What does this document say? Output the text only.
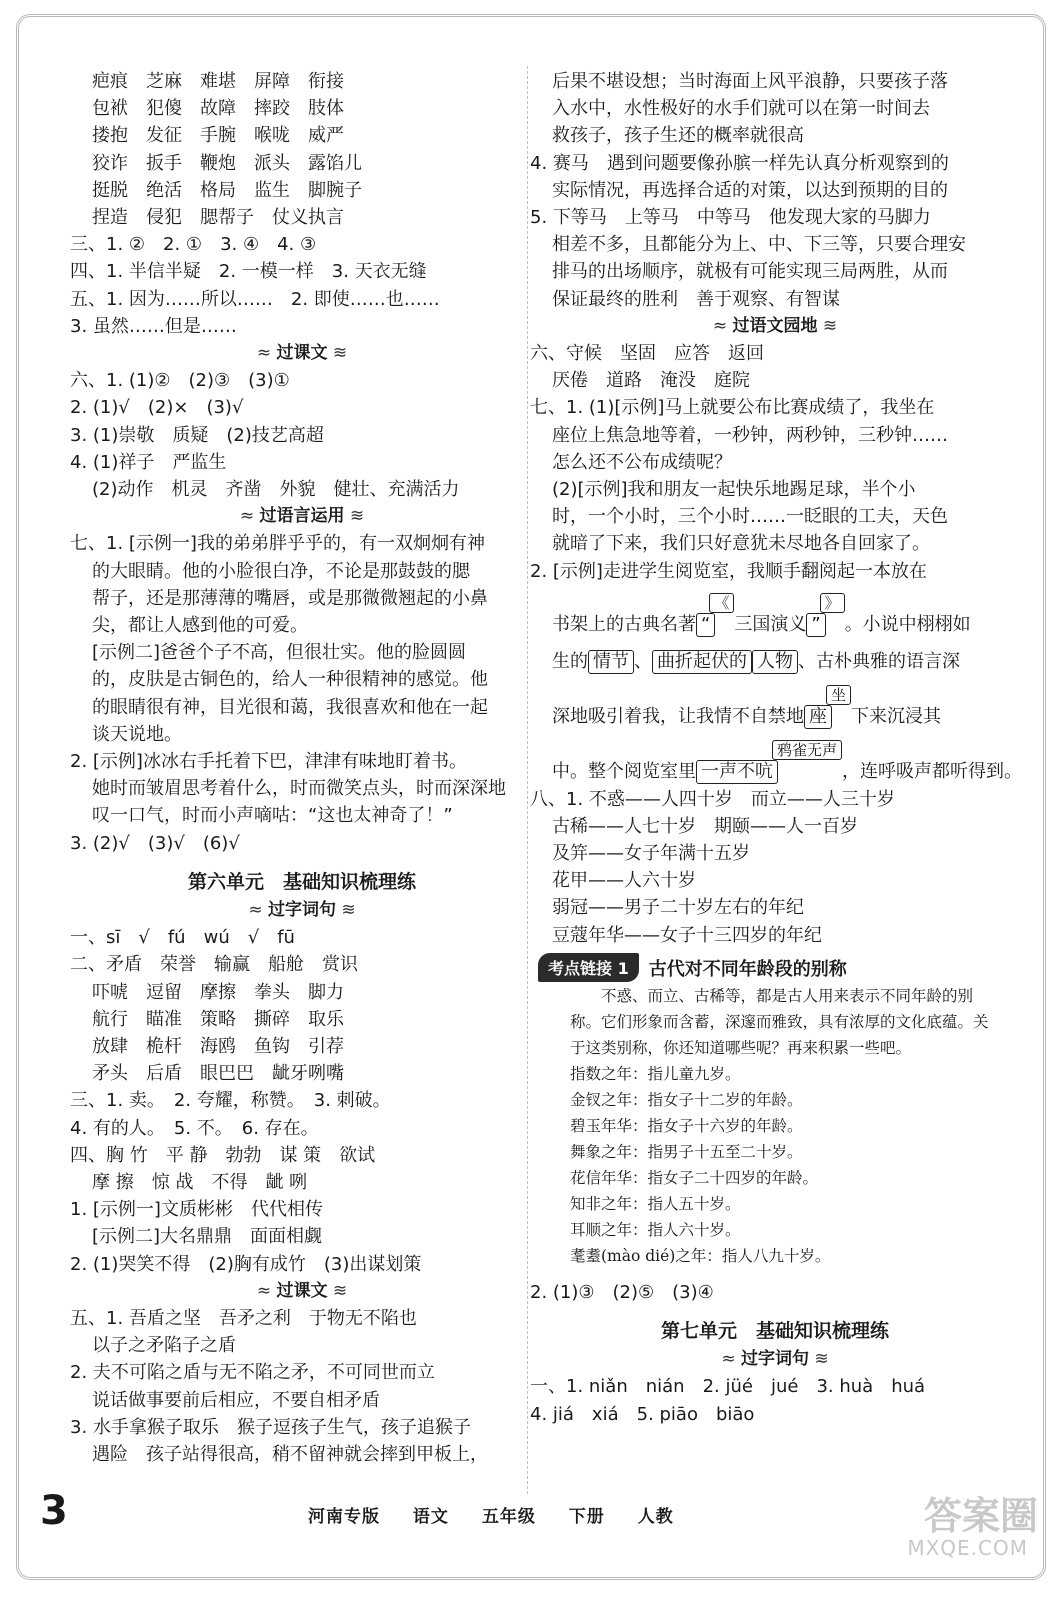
疤痕　芝麻　难堪　屏障　衔接
包袱　犯傻　故障　摔跤　肢体
搂抱　发征　手腕　喉咙　威严
狡诈　扳手　鞭炮　派头　露馅儿
挺脱　绝活　格局　监生　脚腕子
捏造　侵犯　腮帮子　仗义执言
三、1. ②　2. ①　3. ④　4. ③
四、1. 半信半疑　2. 一模一样　3. 天衣无缝
五、1. 因为……所以……　2. 即使……也……
3. 虽然……但是……
≈ 过课文 ≋
六、1. (1)②　(2)③　(3)①
2. (1)√　(2)×　(3)√
3. (1)崇敬　质疑　(2)技艺高超
4. (1)祥子　严监生
(2)动作　机灵　齐凿　外貌　健壮、充满活力
≈ 过语言运用 ≋
七、1. [示例一]我的弟弟胖乎乎的，有一双炯炯有神
的大眼睛。他的小脸很白净，不论是那鼓鼓的腮
帮子，还是那薄薄的嘴唇，或是那微微翘起的小鼻
尖，都让人感到他的可爱。
[示例二]爸爸个子不高，但很壮实。他的脸圆圆
的，皮肤是古铜色的，给人一种很精神的感觉。他
的眼睛很有神，目光很和蔼，我很喜欢和他在一起
谈天说地。
2. [示例]冰冰右手托着下巴，津津有味地盯着书。
她时而皱眉思考着什么，时而微笑点头，时而深深地
叹一口气，时而小声嘀咕：“这也太神奇了！”
3. (2)√　(3)√　(6)√
第六单元　基础知识梳理练
≈ 过字词句 ≋
一、sī　√　fú　wú　√　fū
二、矛盾　荣誉　输赢　船舱　赏识
吓唬　逗留　摩擦　拳头　脚力
航行　瞄准　策略　撕碎　取乐
放肆　桅杆　海鸥　鱼钩　引荐
矛头　后盾　眼巴巴　龇牙咧嘴
三、1. 卖。　2. 夸耀，称赞。　3. 刺破。
4. 有的人。　5. 不。　6. 存在。
四、胸 竹　平 静　勃勃　谋 策　欲试
摩 擦　惊 战　不得　龇 咧
1. [示例一]文质彬彬　代代相传
[示例二]大名鼎鼎　面面相觑
2. (1)哭笑不得　(2)胸有成竹　(3)出谋划策
≈ 过课文 ≋
五、1. 吾盾之坚　吾矛之利　于物无不陷也
以子之矛陷子之盾
2. 夫不可陷之盾与无不陷之矛，不可同世而立
说话做事要前后相应，不要自相矛盾
3. 水手拿猴子取乐　猴子逗孩子生气，孩子追猴子
遇险　孩子站得很高，稍不留神就会摔到甲板上，
后果不堪设想；当时海面上风平浪静，只要孩子落
入水中，水性极好的水手们就可以在第一时间去
救孩子，孩子生还的概率就很高
4. 赛马　遇到问题要像孙膑一样先认真分析观察到的
实际情况，再选择合适的对策，以达到预期的目的
5. 下等马　上等马　中等马　他发现大家的马脚力
相差不多，且都能分为上、中、下三等，只要合理安
排马的出场顺序，就极有可能实现三局两胜，从而
保证最终的胜利　善于观察、有智谋
≈ 过语文园地 ≋
六、守候　坚固　应答　返回
厌倦　道路　淹没　庭院
七、1. (1)[示例]马上就要公布比赛成绩了，我坐在
座位上焦急地等着，一秒钟，两秒钟，三秒钟……
怎么还不公布成绩呢？
(2)[示例]我和朋友一起快乐地踢足球，半个小
时，一个小时，三个小时……一眨眼的工夫，天色
就暗了下来，我们只好意犹未尽地各自回家了。
2. [示例]走进学生阅览室，我顺手翻阅起一本放在
书架上的古典名著 “《三国演义 ”》。小说中栩栩如
生的 情节 、 曲折起伏的 人物 、古朴典雅的语言深
深地吸引着我，让我情不自禁地 座坐下来沉浸其
中。整个阅览室里 一声不吭鸦雀无声，连呼吸声都听得到。
八、1. 不惑——人四十岁　而立——人三十岁
古稀——人七十岁　期颐——人一百岁
及笄——女子年满十五岁
花甲——人六十岁
弱冠——男子二十岁左右的年纪
豆蔻年华——女子十三四岁的年纪
考点链接 1	古代对不同年龄段的别称
不惑、而立、古稀等，都是古人用来表示不同年龄的别称。它们形象而含蓄，深邃而雅致，具有浓厚的文化底蕴。关于这类别称，你还知道哪些呢？再来积累一些吧。
指数之年：指儿童九岁。
金钗之年：指女子十二岁的年龄。
碧玉年华：指女子十六岁的年龄。
舞象之年：指男子十五至二十岁。
花信年华：指女子二十四岁的年龄。
知非之年：指人五十岁。
耳顺之年：指人六十岁。
耄耋(mào dié)之年：指人八九十岁。
2. (1)③　(2)⑤　(3)④
第七单元　基础知识梳理练
≈ 过字词句 ≋
一、1. niǎn　nián　2. jüé　jué　3. huà　huá
4. jiá　xiá　5. piāo　biāo
3	河南专版 语文 五年级 下册 人教	答案圈
MXQE.COM
